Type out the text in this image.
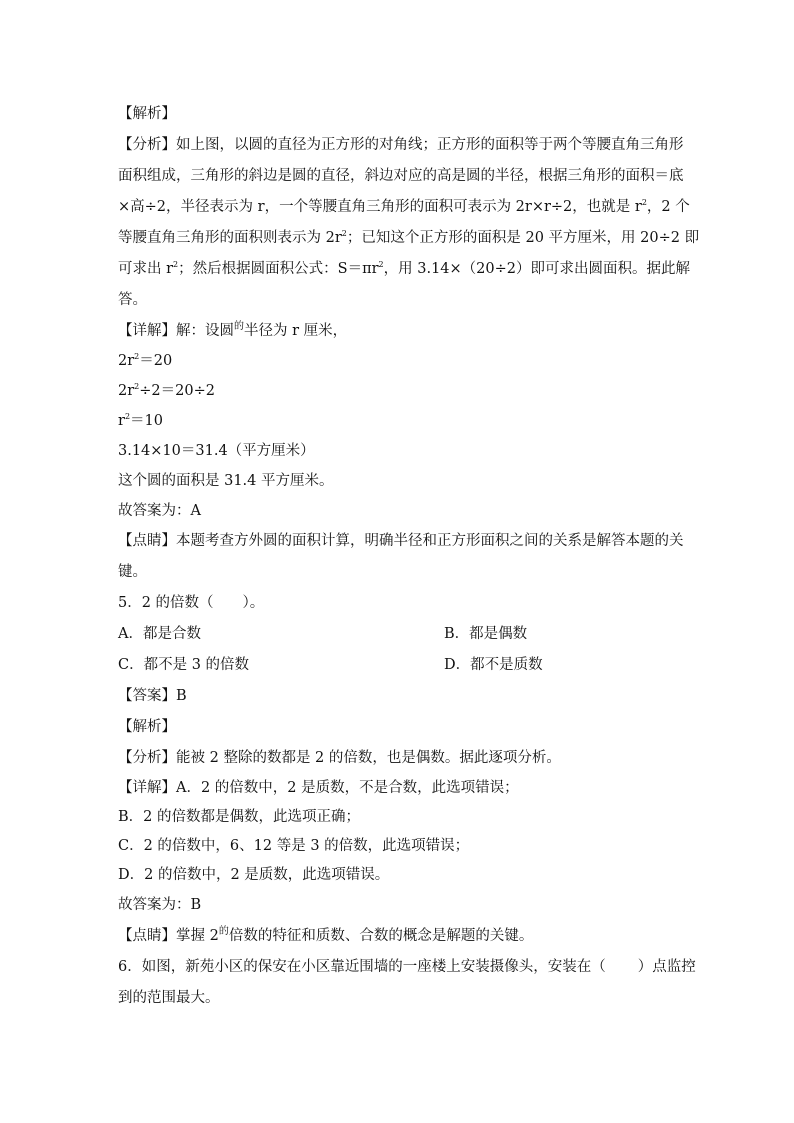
【解析】
【分析】如上图，以圆的直径为正方形的对角线；正方形的面积等于两个等腰直角三角形
面积组成，三角形的斜边是圆的直径，斜边对应的高是圆的半径，根据三角形的面积＝底
×高÷2，半径表示为 r，一个等腰直角三角形的面积可表示为 2r×r÷2，也就是 $r^2$，2 个
等腰直角三角形的面积则表示为 $2r^2$；已知这个正方形的面积是 20 平方厘米，用 20÷2 即
可求出 $r^2$；然后根据圆面积公式：$S=\pi r^2$，用 3.14×（20÷2）即可求出圆面积。据此解
答。
【详解】解：设圆$^的$半径为 r 厘米，
$2r^2=20$
$2r^2\div 2=20\div 2$
$r^2=10$
3.14×10＝31.4（平方厘米）
这个圆的面积是 31.4 平方厘米。
故答案为：A
【点睛】本题考查方外圆的面积计算，明确半径和正方形面积之间的关系是解答本题的关
键。
5．2 的倍数（　　）。
A．都是合数	B．都是偶数
C．都不是 3 的倍数	D．都不是质数
【答案】B
【解析】
【分析】能被 2 整除的数都是 2 的倍数，也是偶数。据此逐项分析。
【详解】A．2 的倍数中，2 是质数，不是合数，此选项错误；
B．2 的倍数都是偶数，此选项正确；
C．2 的倍数中，6、12 等是 3 的倍数，此选项错误；
D．2 的倍数中，2 是质数，此选项错误。
故答案为：B
【点睛】掌握 $2^的$倍数的特征和质数、合数的概念是解题的关键。
6．如图，新苑小区的保安在小区靠近围墙的一座楼上安装摄像头，安装在（ ）点监控
到的范围最大。
